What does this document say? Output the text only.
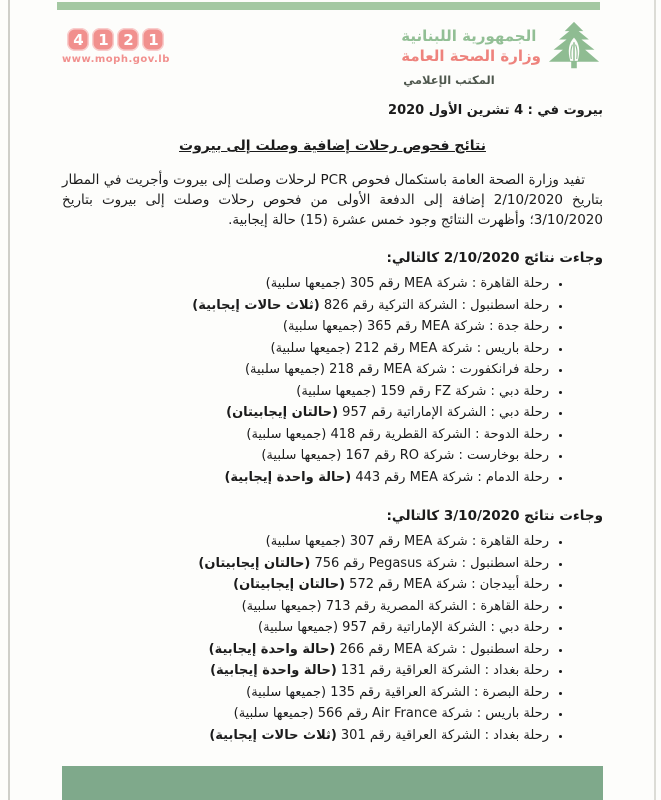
الجمهورية اللبنانية
وزارة الصحة العامة
المكتب الإعلامي
1
2
1
4
www.moph.gov.lb
بيروت في : 4 تشرين الأول 2020
نتائج فحوص رحلات إضافية وصلت إلى بيروت

تفيد وزارة الصحة العامة باستكمال فحوص PCR لرحلات وصلت إلى بيروت وأجريت في المطار بتاريخ 2/10/2020 إضافة إلى الدفعة الأولى من فحوص رحلات وصلت إلى بيروت بتاريخ 3/10/2020؛ وأظهرت النتائج وجود خمس عشرة (15) حالة إيجابية.

وجاءت نتائج 2/10/2020 كالتالي:
• رحلة القاهرة : شركة MEA رقم 305 (جميعها سلبية)
• رحلة اسطنبول : الشركة التركية رقم 826 (ثلاث حالات إيجابية)
• رحلة جدة : شركة MEA رقم 365 (جميعها سلبية)
• رحلة باريس : شركة MEA رقم 212 (جميعها سلبية)
• رحلة فرانكفورت : شركة MEA رقم 218 (جميعها سلبية)
• رحلة دبي : شركة FZ رقم 159 (جميعها سلبية)
• رحلة دبي : الشركة الإماراتية رقم 957 (حالتان إيجابيتان)
• رحلة الدوحة : الشركة القطرية رقم 418 (جميعها سلبية)
• رحلة بوخارست : شركة RO رقم 167 (جميعها سلبية)
• رحلة الدمام : شركة MEA رقم 443 (حالة واحدة إيجابية)
وجاءت نتائج 3/10/2020 كالتالي:
• رحلة القاهرة : شركة MEA رقم 307 (جميعها سلبية)
• رحلة اسطنبول : شركة Pegasus رقم 756 (حالتان إيجابيتان)
• رحلة أبيدجان : شركة MEA رقم 572 (حالتان إيجابيتان)
• رحلة القاهرة : الشركة المصرية رقم 713 (جميعها سلبية)
• رحلة دبي : الشركة الإماراتية رقم 957 (جميعها سلبية)
• رحلة اسطنبول : شركة MEA رقم 266 (حالة واحدة إيجابية)
• رحلة بغداد : الشركة العراقية رقم 131 (حالة واحدة إيجابية)
• رحلة البصرة : الشركة العراقية رقم 135 (جميعها سلبية)
• رحلة باريس : شركة Air France رقم 566 (جميعها سلبية)
• رحلة بغداد : الشركة العراقية رقم 301 (ثلاث حالات إيجابية)
